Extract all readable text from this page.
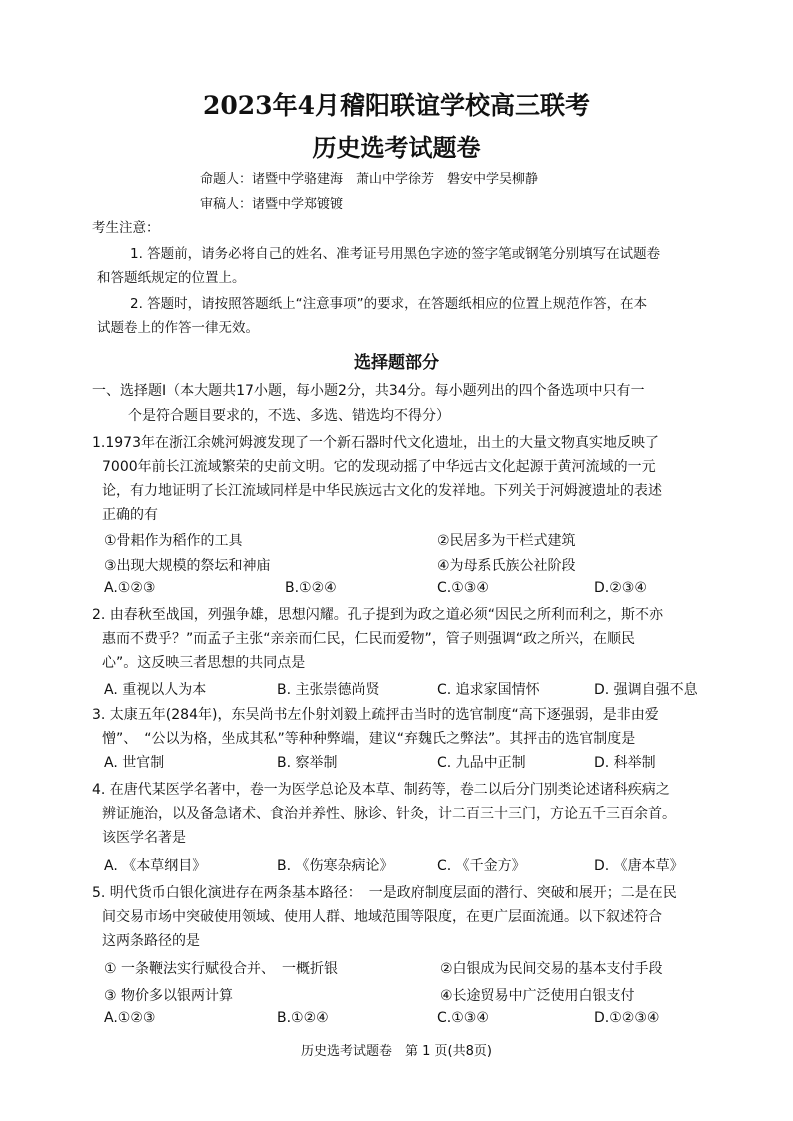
2023年4月稽阳联谊学校高三联考
历史选考试题卷
命题人：诸暨中学骆建海　萧山中学徐芳　磐安中学吴柳静
审稿人：诸暨中学郑镀镀
考生注意：
1. 答题前，请务必将自己的姓名、准考证号用黑色字迹的签字笔或钢笔分别填写在试题卷
和答题纸规定的位置上。
2. 答题时，请按照答题纸上“注意事项”的要求，在答题纸相应的位置上规范作答，在本
试题卷上的作答一律无效。
选择题部分
一、选择题Ⅰ（本大题共17小题，每小题2分，共34分。每小题列出的四个备选项中只有一
个是符合题目要求的，不选、多选、错选均不得分）
1.1973年在浙江余姚河姆渡发现了一个新石器时代文化遗址，出土的大量文物真实地反映了
7000年前长江流域繁荣的史前文明。它的发现动摇了中华远古文化起源于黄河流域的一元
论，有力地证明了长江流域同样是中华民族远古文化的发祥地。下列关于河姆渡遗址的表述
正确的有
①骨耜作为稻作的工具	②民居多为干栏式建筑
③出现大规模的祭坛和神庙	④为母系氏族公社阶段
A.①②③	B.①②④	C.①③④	D.②③④
2. 由春秋至战国，列强争雄，思想闪耀。孔子提到为政之道必须“因民之所利而利之，斯不亦
惠而不费乎？”而孟子主张“亲亲而仁民，仁民而爱物”，管子则强调“政之所兴，在顺民
心”。这反映三者思想的共同点是
A. 重视以人为本	B. 主张崇德尚贤	C. 追求家国情怀	D. 强调自强不息
3. 太康五年(284年)，东吴尚书左仆射刘毅上疏抨击当时的选官制度“高下逐强弱，是非由爱
憎”、　“公以为格，坐成其私”等种种弊端，建议“弃魏氏之弊法”。其抨击的选官制度是
A. 世官制	B. 察举制	C. 九品中正制	D. 科举制
4. 在唐代某医学名著中，卷一为医学总论及本草、制药等，卷二以后分门别类论述诸科疾病之
辨证施治，以及备急诸术、食治并养性、脉诊、针灸，计二百三十三门，方论五千三百余首。
该医学名著是
A. 《本草纲目》	B. 《伤寒杂病论》	C. 《千金方》	D. 《唐本草》
5. 明代货币白银化演进存在两条基本路径：　一是政府制度层面的潜行、突破和展开；二是在民
间交易市场中突破使用领域、使用人群、地域范围等限度，在更广层面流通。以下叙述符合
这两条路径的是
① 一条鞭法实行赋役合并、　一概折银	②白银成为民间交易的基本支付手段
③ 物价多以银两计算	④长途贸易中广泛使用白银支付
A.①②③	B.①②④	C.①③④	D.①②③④
历史选考试题卷　第 1 页(共8页)
